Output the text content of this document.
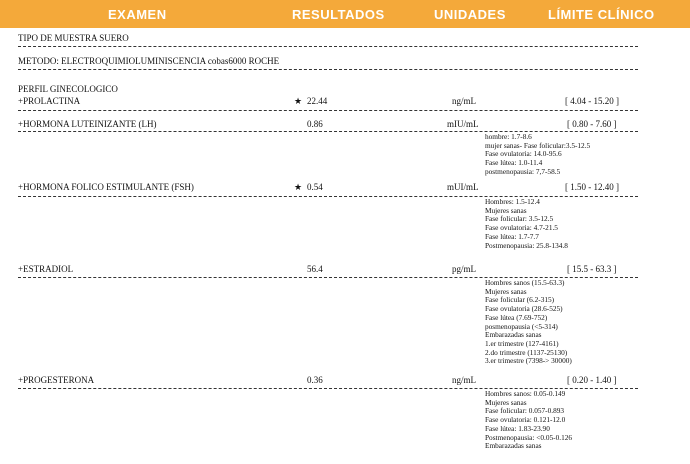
EXAMEN	RESULTADOS	UNIDADES	LÍMITE CLÍNICO
TIPO DE MUESTRA SUERO
METODO: ELECTROQUIMIOLUMINISCENCIA cobas6000 ROCHE
PERFIL GINECOLOGICO
+PROLACTINA	★ 22.44	ng/mL	[ 4.04 - 15.20 ]
+HORMONA LUTEINIZANTE (LH)	0.86	mIU/mL	[ 0.80 - 7.60 ]
hombre: 1.7-8.6
mujer sanas- Fase folicular:3.5-12.5
Fase ovulatoria: 14.0-95.6
Fase lútea: 1.0-11.4
postmenopausia: 7,7-58.5
+HORMONA FOLICO ESTIMULANTE (FSH)	★ 0.54	mUI/mL	[ 1.50 - 12.40 ]
Hombres: 1.5-12.4
Mujeres sanas
Fase folicular: 3.5-12.5
Fase ovulatoria: 4.7-21.5
Fase lútea: 1.7-7.7
Postmenopausia: 25.8-134.8
+ESTRADIOL	56.4	pg/mL	[ 15.5 - 63.3 ]
Hombres sanos (15.5-63.3)
Mujeres sanas
Fase folicular (6.2-315)
Fase ovulatoria (28.6-525)
Fase lútea (7.69-752)
posmenopausia (<5-314)
Embarazadas sanas
1.er trimestre (127-4161)
2.do trimestre (1137-25130)
3.er trimestre (7398-> 30000)
+PROGESTERONA	0.36	ng/mL	[ 0.20 - 1.40 ]
Hombres sanos: 0.05-0.149
Mujeres sanas
Fase folicular: 0.057-0.893
Fase ovulatoria: 0.121-12.0
Fase lútea: 1.83-23.90
Postmenopausia: <0.05-0.126
Embarazadas sanas
